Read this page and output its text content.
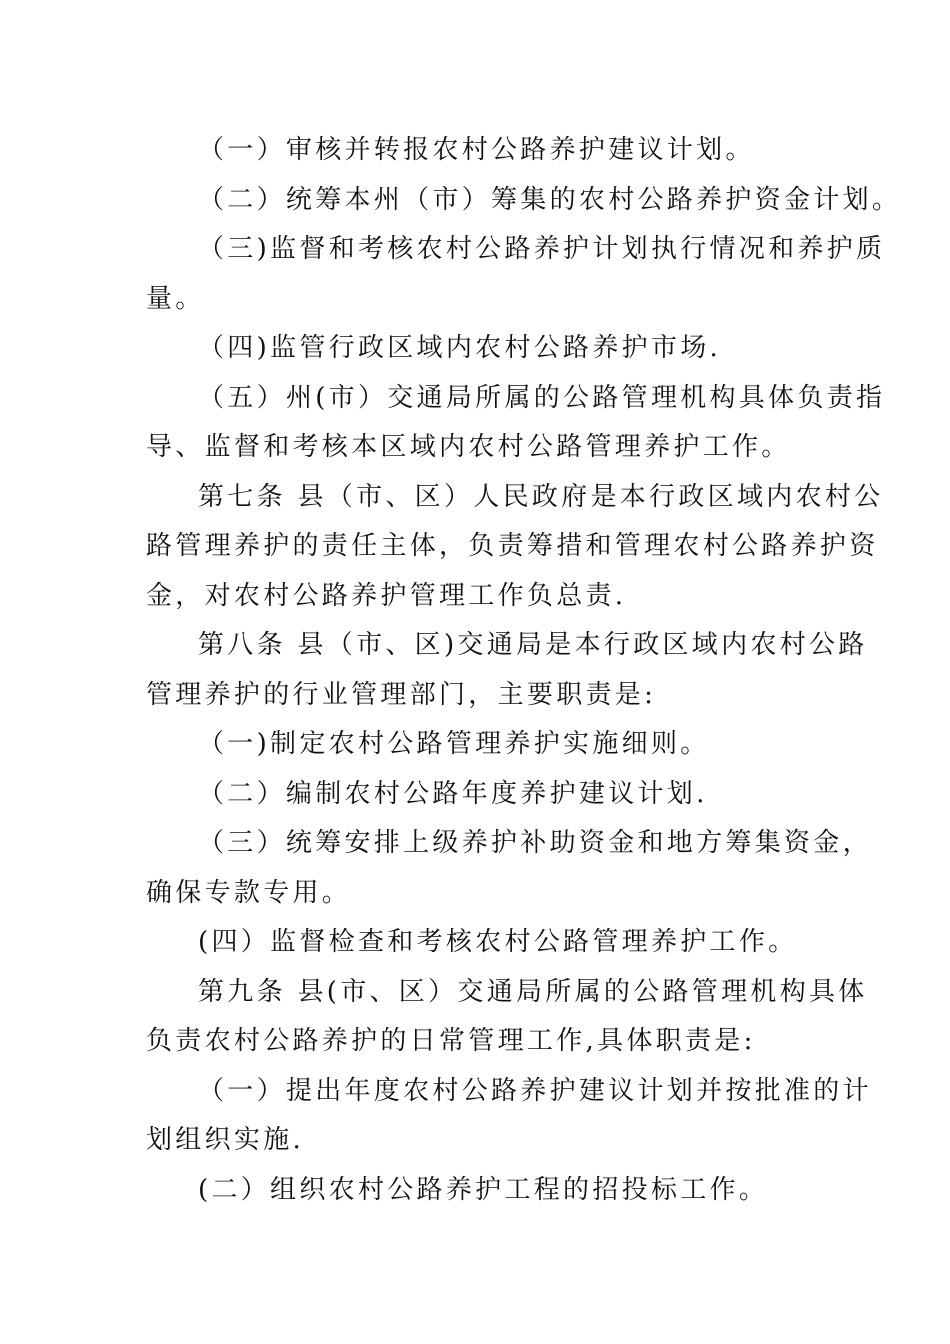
（一）审核并转报农村公路养护建议计划。
（二）统筹本州（市）筹集的农村公路养护资金计划。
（三)监督和考核农村公路养护计划执行情况和养护质
量。
（四)监管行政区域内农村公路养护市场.
（五）州(市）交通局所属的公路管理机构具体负责指
导、监督和考核本区域内农村公路管理养护工作。
第七条 县（市、区）人民政府是本行政区域内农村公
路管理养护的责任主体，负责筹措和管理农村公路养护资
金，对农村公路养护管理工作负总责.
第八条 县（市、区)交通局是本行政区域内农村公路
管理养护的行业管理部门，主要职责是:
（一)制定农村公路管理养护实施细则。
（二）编制农村公路年度养护建议计划.
（三）统筹安排上级养护补助资金和地方筹集资金，
确保专款专用。
(四）监督检查和考核农村公路管理养护工作。
第九条 县(市、区）交通局所属的公路管理机构具体
负责农村公路养护的日常管理工作,具体职责是:
（一）提出年度农村公路养护建议计划并按批准的计
划组织实施.
(二）组织农村公路养护工程的招投标工作。
